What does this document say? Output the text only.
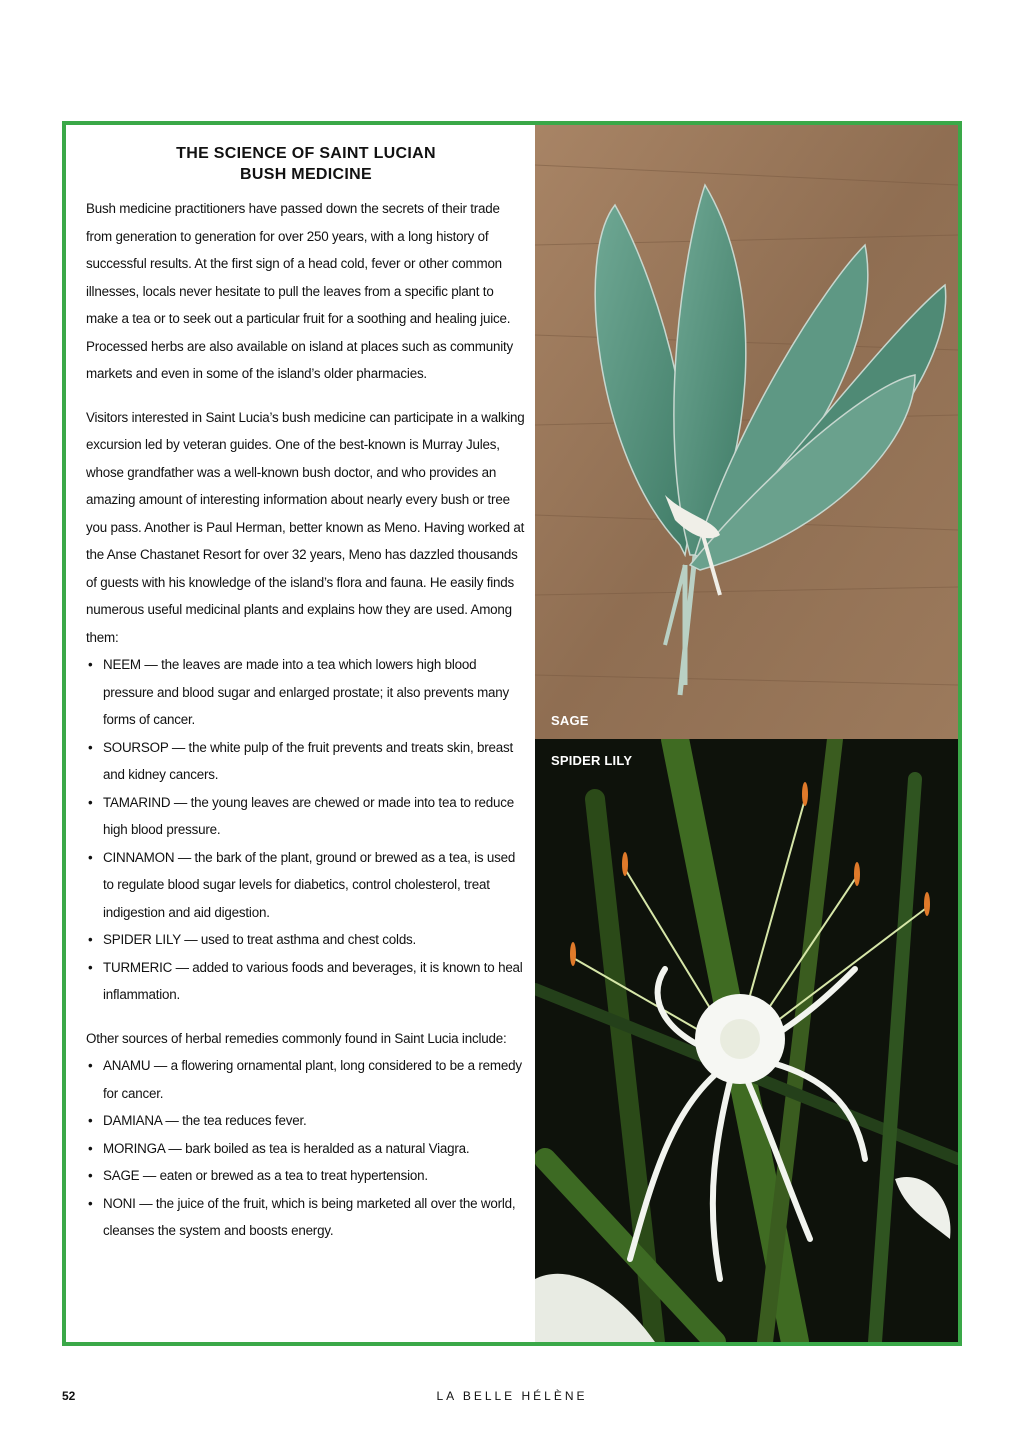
THE SCIENCE OF SAINT LUCIAN
BUSH MEDICINE

Bush medicine practitioners have passed down the secrets of their trade from generation to generation for over 250 years, with a long history of successful results. At the first sign of a head cold, fever or other common illnesses, locals never hesitate to pull the leaves from a specific plant to make a tea or to seek out a particular fruit for a soothing and healing juice. Processed herbs are also available on island at places such as community markets and even in some of the island’s older pharmacies.

Visitors interested in Saint Lucia’s bush medicine can participate in a walking excursion led by veteran guides. One of the best-known is Murray Jules, whose grandfather was a well-known bush doctor, and who provides an amazing amount of interesting information about nearly every bush or tree you pass. Another is Paul Herman, better known as Meno. Having worked at the Anse Chastanet Resort for over 32 years, Meno has dazzled thousands of guests with his knowledge of the island’s flora and fauna. He easily finds numerous useful medicinal plants and explains how they are used. Among them:

• NEEM — the leaves are made into a tea which lowers high blood pressure and blood sugar and enlarged prostate; it also prevents many forms of cancer.
• SOURSOP — the white pulp of the fruit prevents and treats skin, breast and kidney cancers.
• TAMARIND — the young leaves are chewed or made into tea to reduce high blood pressure.
• CINNAMON — the bark of the plant, ground or brewed as a tea, is used to regulate blood sugar levels for diabetics, control cholesterol, treat indigestion and aid digestion.
• SPIDER LILY — used to treat asthma and chest colds.
• TURMERIC — added to various foods and beverages, it is known to heal inflammation.

Other sources of herbal remedies commonly found in Saint Lucia include:

• ANAMU — a flowering ornamental plant, long considered to be a remedy for cancer.
• DAMIANA — the tea reduces fever.
• MORINGA — bark boiled as tea is heralded as a natural Viagra.
• SAGE — eaten or brewed as a tea to treat hypertension.
• NONI — the juice of the fruit, which is being marketed all over the world, cleanses the system and boosts energy.
SAGE
SPIDER LILY
52	LA BELLE HÉLÈNE
